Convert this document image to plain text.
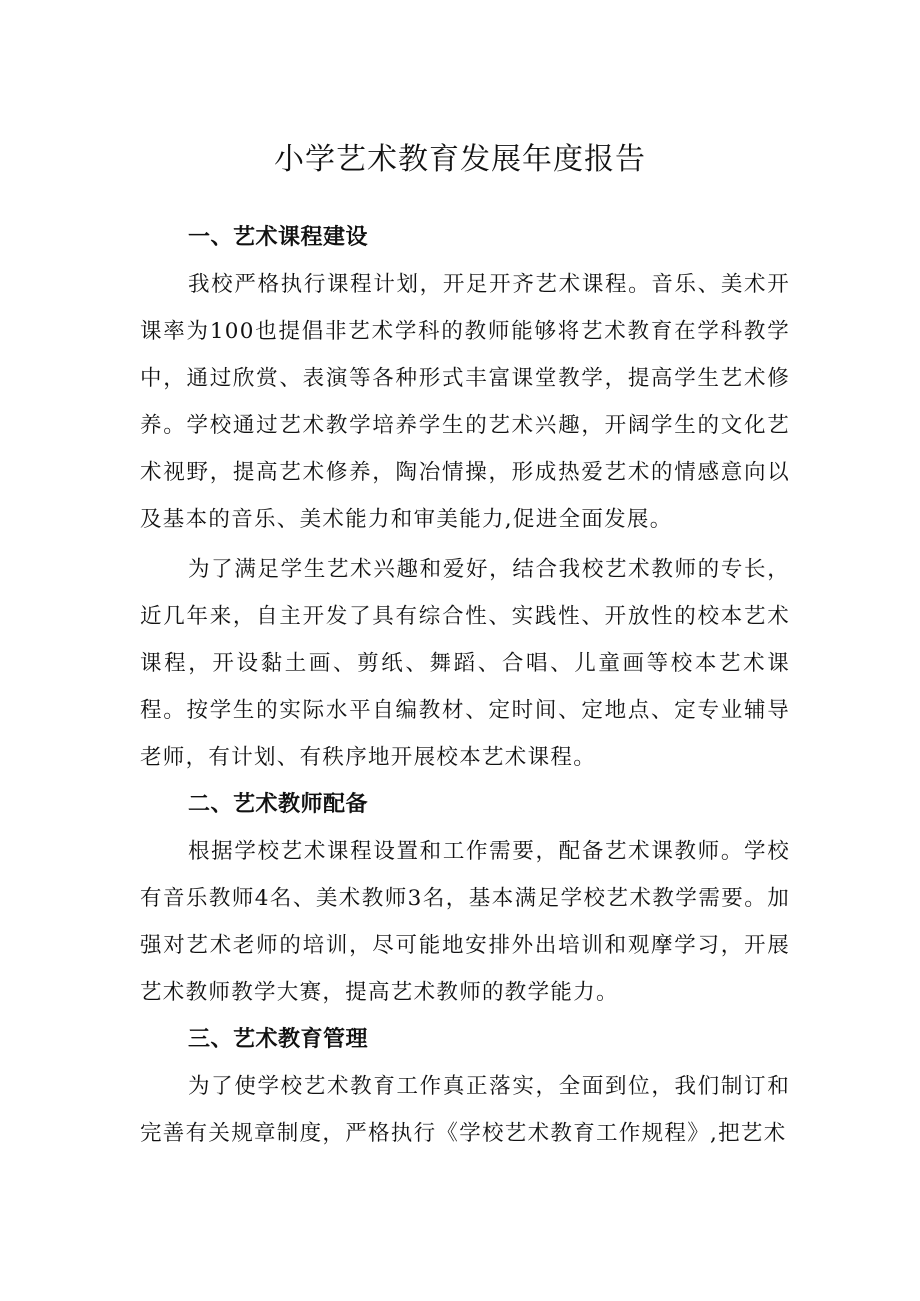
小学艺术教育发展年度报告
一、艺术课程建设

我校严格执行课程计划，开足开齐艺术课程。音乐、美术开课率为100也提倡非艺术学科的教师能够将艺术教育在学科教学中，通过欣赏、表演等各种形式丰富课堂教学，提高学生艺术修养。学校通过艺术教学培养学生的艺术兴趣，开阔学生的文化艺术视野，提高艺术修养，陶冶情操，形成热爱艺术的情感意向以及基本的音乐、美术能力和审美能力,促进全面发展。

为了满足学生艺术兴趣和爱好，结合我校艺术教师的专长，近几年来，自主开发了具有综合性、实践性、开放性的校本艺术课程，开设黏土画、剪纸、舞蹈、合唱、儿童画等校本艺术课程。按学生的实际水平自编教材、定时间、定地点、定专业辅导老师，有计划、有秩序地开展校本艺术课程。

二、艺术教师配备

根据学校艺术课程设置和工作需要，配备艺术课教师。学校有音乐教师4名、美术教师3名，基本满足学校艺术教学需要。加强对艺术老师的培训，尽可能地安排外出培训和观摩学习，开展艺术教师教学大赛，提高艺术教师的教学能力。

三、艺术教育管理

为了使学校艺术教育工作真正落实，全面到位，我们制订和完善有关规章制度，严格执行《学校艺术教育工作规程》,把艺术
